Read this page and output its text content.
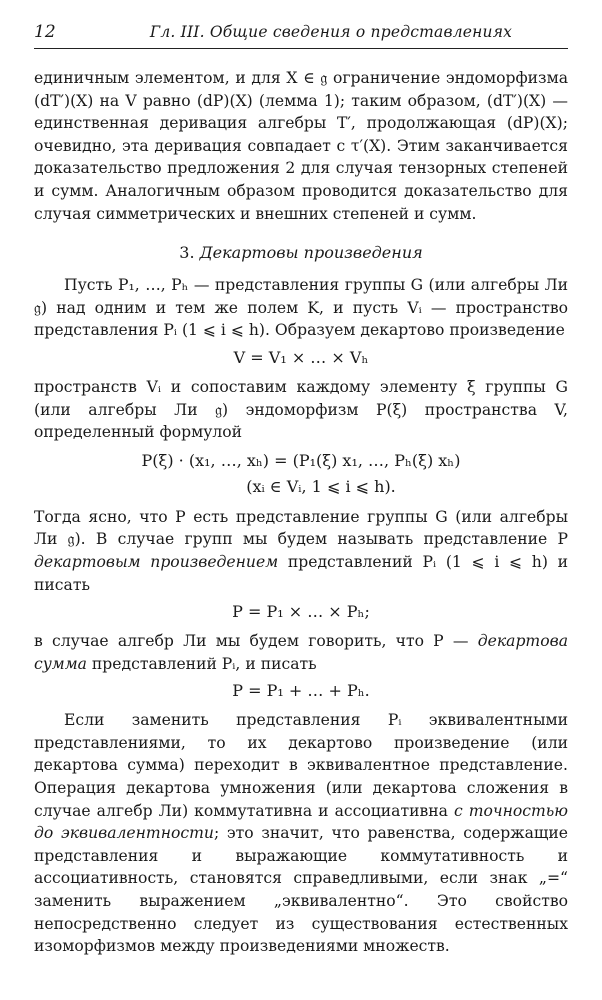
12	Гл. III. Общие сведения о представлениях

единичным элементом, и для X ∈ 𝔤 ограничение эндоморфизма (dT′)(X) на V равно (dP)(X) (лемма 1); таким образом, (dT′)(X) — единственная деривация алгебры T′, продолжающая (dP)(X); очевидно, эта деривация совпадает с τ′(X). Этим заканчивается доказательство предложения 2 для случая тензорных степеней и сумм. Аналогичным образом проводится доказательство для случая симметрических и внешних степеней и сумм.

3. Декартовы произведения

Пусть P₁, …, Pₕ — представления группы G (или алгебры Ли 𝔤) над одним и тем же полем K, и пусть Vᵢ — пространство представления Pᵢ (1 ⩽ i ⩽ h). Образуем декартово произведение

V = V₁ × … × Vₕ

пространств Vᵢ и сопоставим каждому элементу ξ группы G (или алгебры Ли 𝔤) эндоморфизм P(ξ) пространства V, определенный формулой

P(ξ) · (x₁, …, xₕ) = (P₁(ξ) x₁, …, Pₕ(ξ) xₕ)
(xᵢ ∈ Vᵢ, 1 ⩽ i ⩽ h).

Тогда ясно, что P есть представление группы G (или алгебры Ли 𝔤). В случае групп мы будем называть представление P декартовым произведением представлений Pᵢ (1 ⩽ i ⩽ h) и писать

P = P₁ × … × Pₕ;

в случае алгебр Ли мы будем говорить, что P — декартова сумма представлений Pᵢ, и писать

P = P₁ + … + Pₕ.

Если заменить представления Pᵢ эквивалентными представлениями, то их декартово произведение (или декартова сумма) переходит в эквивалентное представление. Операция декартова умножения (или декартова сложения в случае алгебр Ли) коммутативна и ассоциативна с точностью до эквивалентности; это значит, что равенства, содержащие представления и выражающие коммутативность и ассоциативность, становятся справедливыми, если знак „=“ заменить выражением „эквивалентно“. Это свойство непосредственно следует из существования естественных изоморфизмов между произведениями множеств.
